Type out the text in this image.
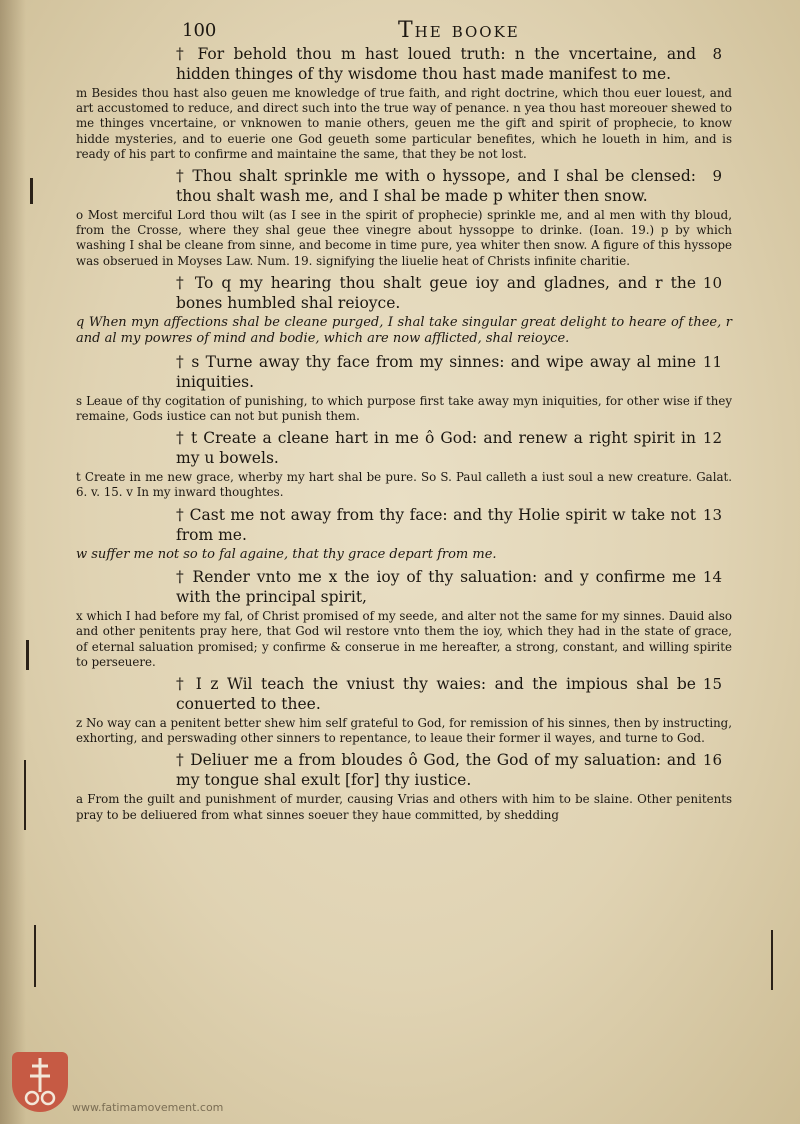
100	The booke
† For behold thou m hast loued truth: n the vncertaine, and hidden thinges of thy wisdome thou hast made manifest to me.
8
m Besides thou hast also geuen me knowledge of true faith, and right doctrine, which thou euer louest, and art accustomed to reduce, and direct such into the true way of penance. n yea thou hast moreouer shewed to me thinges vncertaine, or vnknowen to manie others, geuen me the gift and spirit of prophecie, to know hidde mysteries, and to euerie one God geueth some particular benefites, which he loueth in him, and is ready of his part to confirme and maintaine the same, that they be not lost.
† Thou shalt sprinkle me with o hyssope, and I shal be clensed: thou shalt wash me, and I shal be made p whiter then snow.
9
o Most merciful Lord thou wilt (as I see in the spirit of prophecie) sprinkle me, and al men with thy bloud, from the Crosse, where they shal geue thee vinegre about hyssoppe to drinke. (Ioan. 19.) p by which washing I shal be cleane from sinne, and become in time pure, yea whiter then snow. A figure of this hyssope was obserued in Moyses Law. Num. 19. signifying the liuelie heat of Christs infinite charitie.
† To q my hearing thou shalt geue ioy and gladnes, and r the bones humbled shal reioyce.
10
q When myn affections shal be cleane purged, I shal take singular great delight to heare of thee, r and al my powres of mind and bodie, which are now afflicted, shal reioyce.
† s Turne away thy face from my sinnes: and wipe away al mine iniquities.
11
s Leaue of thy cogitation of punishing, to which purpose first take away myn iniquities, for other wise if they remaine, Gods iustice can not but punish them.
† t Create a cleane hart in me ô God: and renew a right spirit in my u bowels.
12
t Create in me new grace, wherby my hart shal be pure. So S. Paul calleth a iust soul a new creature. Galat. 6. v. 15. v In my inward thoughtes.
† Cast me not away from thy face: and thy Holie spirit w take not from me.
13
w suffer me not so to fal againe, that thy grace depart from me.
† Render vnto me x the ioy of thy saluation: and y confirme me with the principal spirit,
14
x which I had before my fal, of Christ promised of my seede, and alter not the same for my sinnes. Dauid also and other penitents pray here, that God wil restore vnto them the ioy, which they had in the state of grace, of eternal saluation promised; y confirme & conserue in me hereafter, a strong, constant, and willing spirite to perseuere.
† I z Wil teach the vniust thy waies: and the impious shal be conuerted to thee.
15
z No way can a penitent better shew him self grateful to God, for remission of his sinnes, then by instructing, exhorting, and perswading other sinners to repentance, to leaue their former il wayes, and turne to God.
† Deliuer me a from bloudes ô God, the God of my saluation: and my tongue shal exult [for] thy iustice.
16
a From the guilt and punishment of murder, causing Vrias and others with him to be slaine. Other penitents pray to be deliuered from what sinnes soeuer they haue committed, by shedding
www.fatimamovement.com
